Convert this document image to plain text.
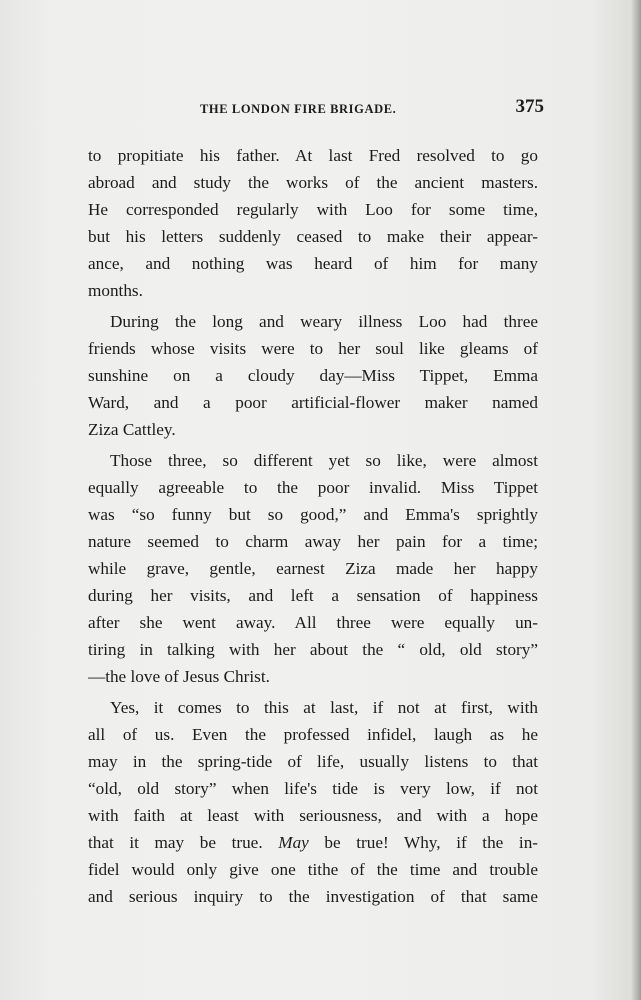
THE LONDON FIRE BRIGADE.	375
to propitiate his father. At last Fred resolved to go
abroad and study the works of the ancient masters.
He corresponded regularly with Loo for some time,
but his letters suddenly ceased to make their appear-
ance, and nothing was heard of him for many
months.
During the long and weary illness Loo had three
friends whose visits were to her soul like gleams of
sunshine on a cloudy day—Miss Tippet, Emma
Ward, and a poor artificial-flower maker named
Ziza Cattley.
Those three, so different yet so like, were almost
equally agreeable to the poor invalid. Miss Tippet
was “so funny but so good,” and Emma's sprightly
nature seemed to charm away her pain for a time;
while grave, gentle, earnest Ziza made her happy
during her visits, and left a sensation of happiness
after she went away. All three were equally un-
tiring in talking with her about the “ old, old story”
—the love of Jesus Christ.
Yes, it comes to this at last, if not at first, with
all of us. Even the professed infidel, laugh as he
may in the spring-tide of life, usually listens to that
“old, old story” when life's tide is very low, if not
with faith at least with seriousness, and with a hope
that it may be true. May be true! Why, if the in-
fidel would only give one tithe of the time and trouble
and serious inquiry to the investigation of that same
